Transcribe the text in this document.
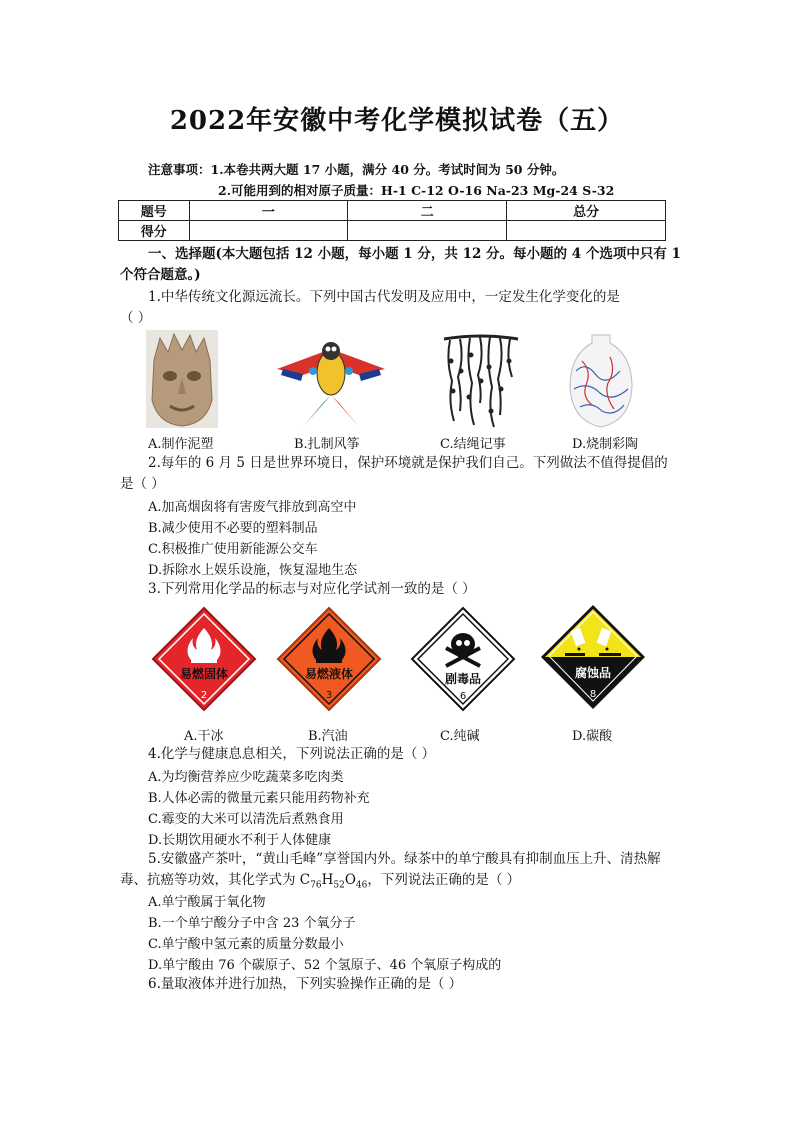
2022年安徽中考化学模拟试卷（五）
注意事项：1.本卷共两大题 17 小题，满分 40 分。考试时间为 50 分钟。
2.可能用到的相对原子质量：H-1 C-12 O-16 Na-23 Mg-24 S-32
题号	一	二	总分
得分			
一、选择题(本大题包括 12 小题，每小题 1 分，共 12 分。每小题的 4 个选项中只有 1
个符合题意。)
1.中华传统文化源远流长。下列中国古代发明及应用中，一定发生化学变化的是
（ ）
A.制作泥塑	B.扎制风筝	C.结绳记事	D.烧制彩陶
2.每年的 6 月 5 日是世界环境日，保护环境就是保护我们自己。下列做法不值得提倡的
是（ ）
A.加高烟囱将有害废气排放到高空中
B.减少使用不必要的塑料制品
C.积极推广使用新能源公交车
D.拆除水上娱乐设施，恢复湿地生态
3.下列常用化学品的标志与对应化学试剂一致的是（ ）
易燃固体
2
易燃液体
3
剧毒品
6
腐蚀品
8
A.干冰	B.汽油	C.纯碱	D.碳酸
4.化学与健康息息相关，下列说法正确的是（ ）
A.为均衡营养应少吃蔬菜多吃肉类
B.人体必需的微量元素只能用药物补充
C.霉变的大米可以清洗后煮熟食用
D.长期饮用硬水不利于人体健康
5.安徽盛产茶叶，“黄山毛峰”享誉国内外。绿茶中的单宁酸具有抑制血压上升、清热解
毒、抗癌等功效，其化学式为 $C_{76}H_{52}O_{46}$，下列说法正确的是（ ）
A.单宁酸属于氧化物
B.一个单宁酸分子中含 23 个氧分子
C.单宁酸中氢元素的质量分数最小
D.单宁酸由 76 个碳原子、52 个氢原子、46 个氧原子构成的
6.量取液体并进行加热，下列实验操作正确的是（ ）
